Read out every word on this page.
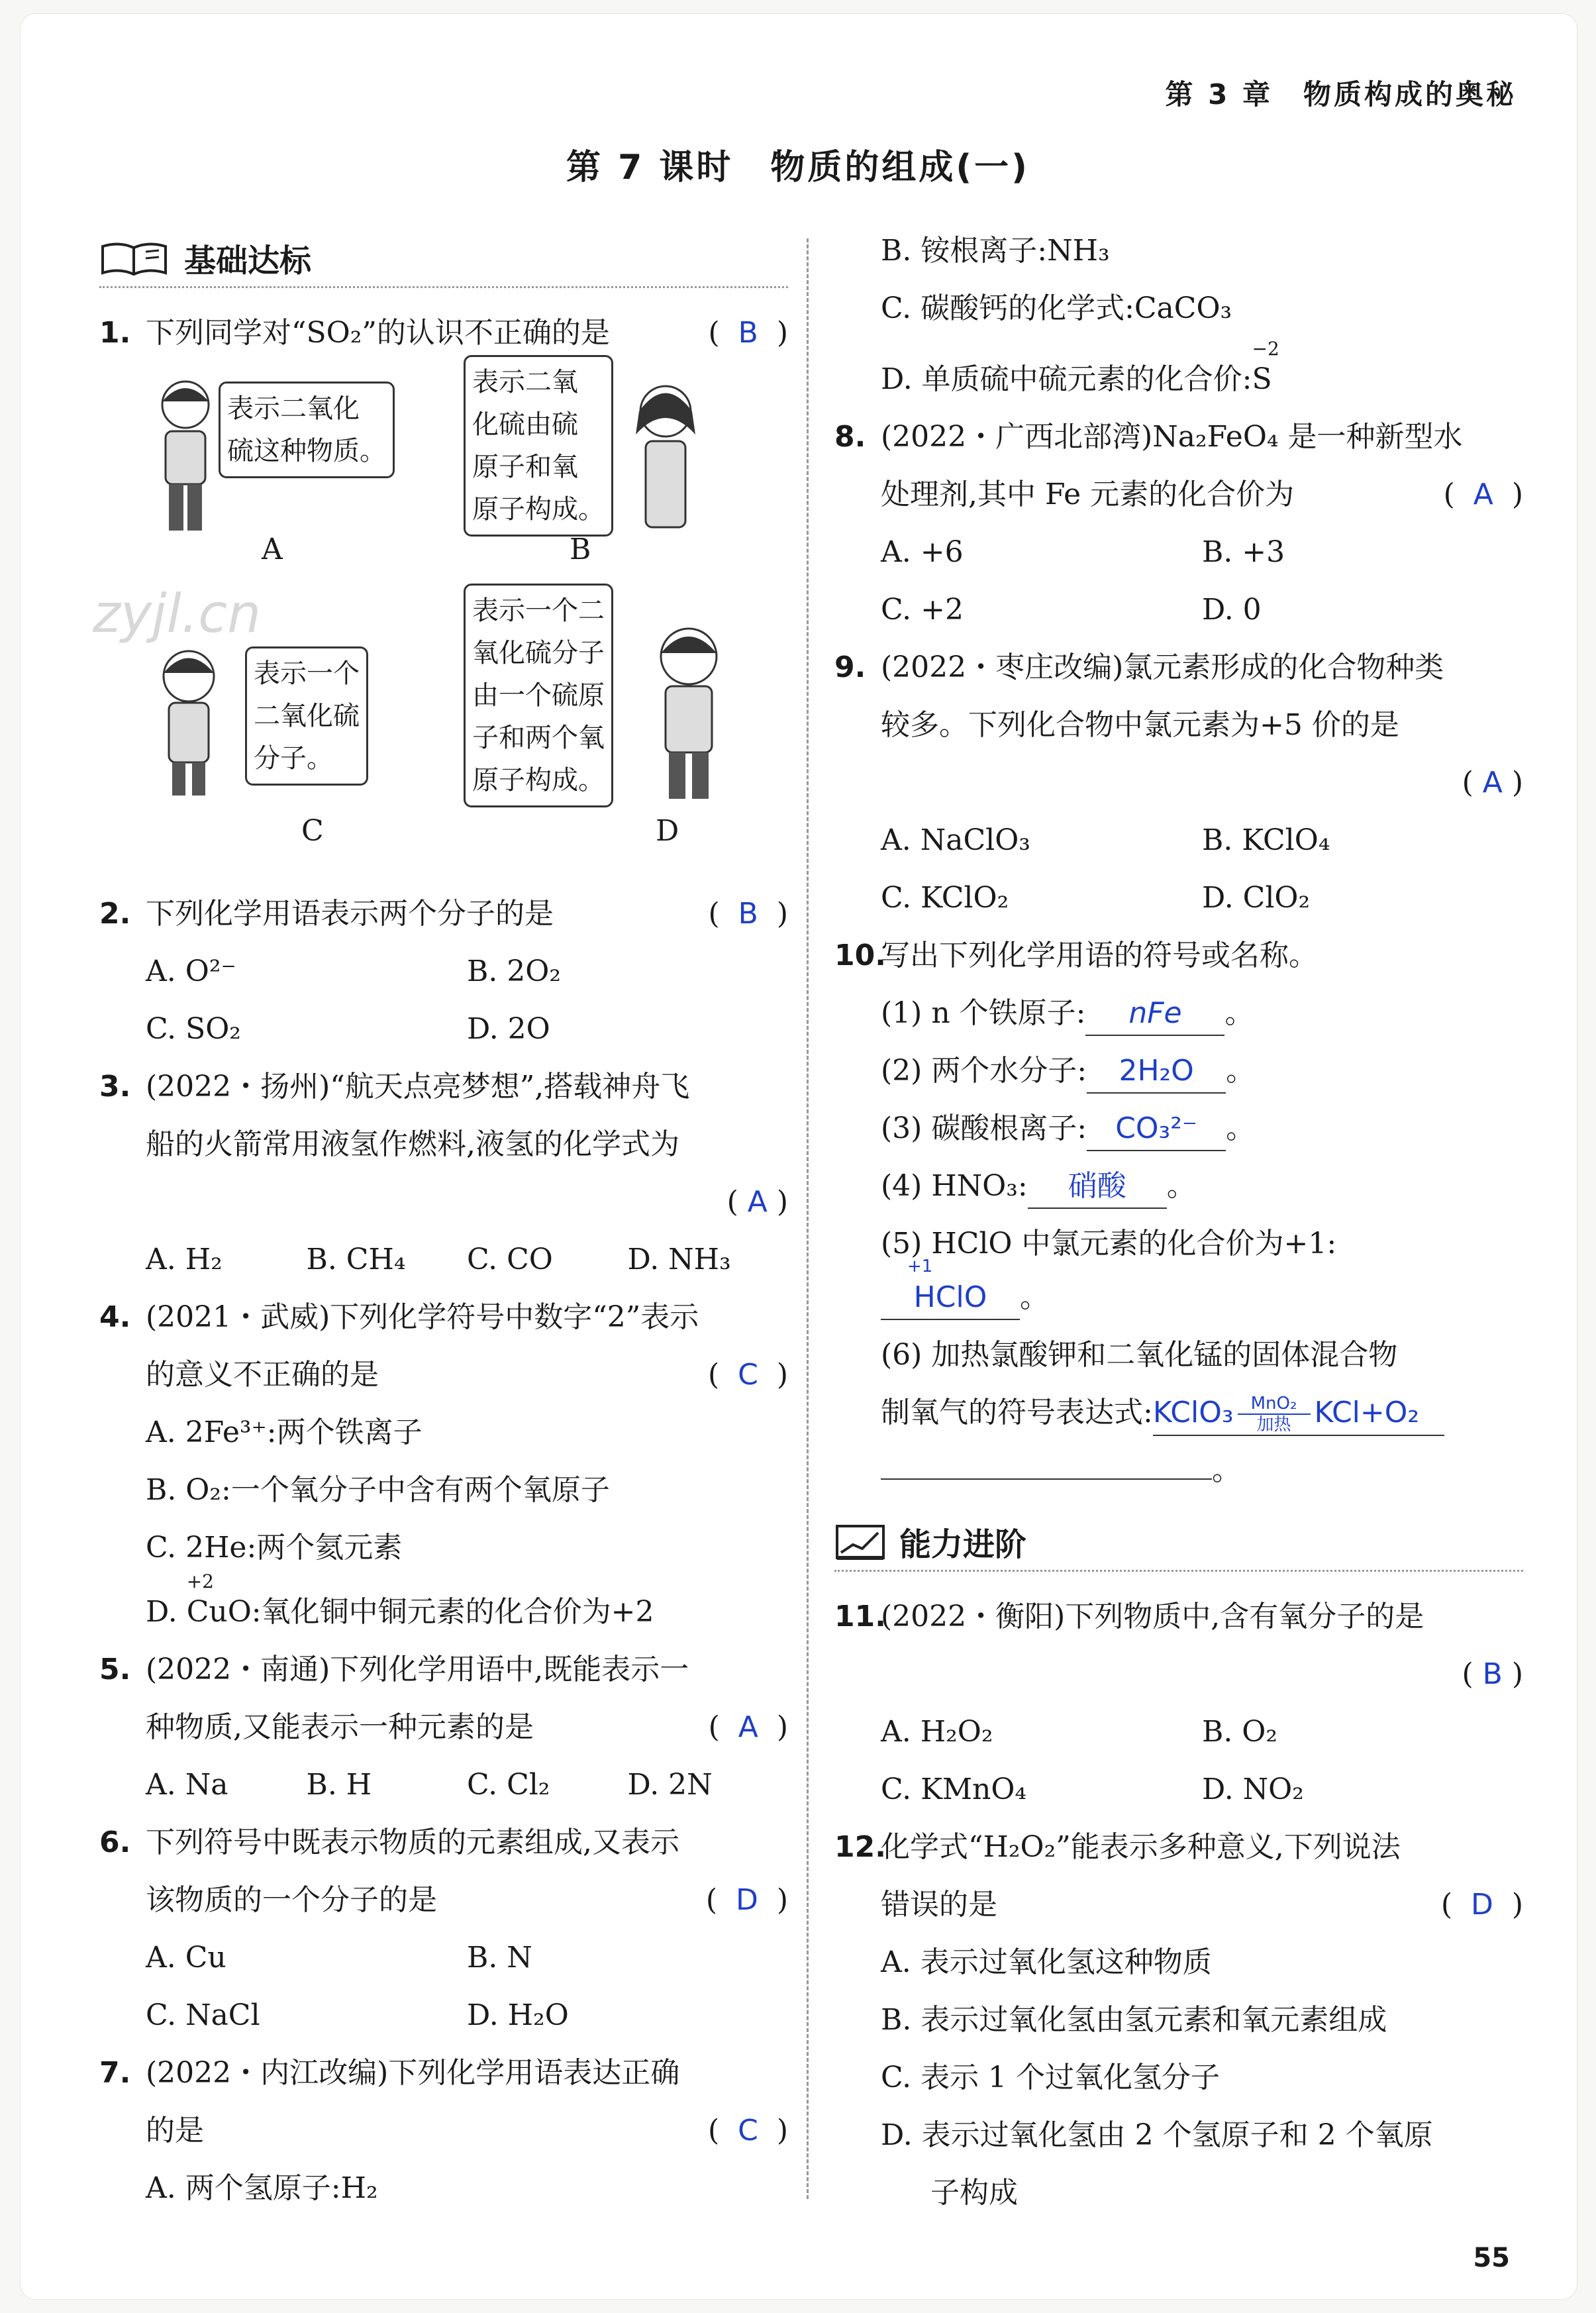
第 3 章　物质构成的奥秘
第 7 课时　物质的组成(一)
zyjl.cn
基础达标
1. 下列同学对“SO₂”的认识不正确的是	(  B  )
表示二氧化
硫这种物质。
A
表示二氧
化硫由硫
原子和氧
原子构成。
B
表示一个
二氧化硫
分子。
C
表示一个二
氧化硫分子
由一个硫原
子和两个氧
原子构成。
D
2. 下列化学用语表示两个分子的是	(  B  )
A. O²⁻	B. 2O₂
C. SO₂	D. 2O
3. (2022・扬州)“航天点亮梦想”,搭载神舟飞
船的火箭常用液氢作燃料,液氢的化学式为
( A )
A. H₂	B. CH₄	C. CO	D. NH₃
4. (2021・武威)下列化学符号中数字“2”表示
的意义不正确的是	(  C  )
A. 2Fe³⁺:两个铁离子
B. O₂:一个氧分子中含有两个氧原子
C. 2He:两个氦元素
D.
+2
CuO:氧化铜中铜元素的化合价为+2
5. (2022・南通)下列化学用语中,既能表示一
种物质,又能表示一种元素的是	(  A  )
A. Na	B. H	C. Cl₂	D. 2N
6. 下列符号中既表示物质的元素组成,又表示
该物质的一个分子的是	(  D  )
A. Cu	B. N
C. NaCl	D. H₂O
7. (2022・内江改编)下列化学用语表达正确
的是	(  C  )
A. 两个氢原子:H₂
B. 铵根离子:NH₃
C. 碳酸钙的化学式:CaCO₃
D. 单质硫中硫元素的化合价:
−2
S
8. (2022・广西北部湾)Na₂FeO₄ 是一种新型水
处理剂,其中 Fe 元素的化合价为	(  A  )
A. +6	B. +3
C. +2	D. 0
9. (2022・枣庄改编)氯元素形成的化合物种类
较多。下列化合物中氯元素为+5 价的是
( A )
A. NaClO₃	B. KClO₄
C. KClO₂	D. ClO₂
10.
写出下列化学用语的符号或名称。
(1) n 个铁原子: nFe 。
(2) 两个水分子: 2H₂O 。
(3) 碳酸根离子: CO₃²⁻ 。
(4) HNO₃: 硝酸 。
(5) HClO 中氯元素的化合价为+1:
+1
HClO 。
(6) 加热氯酸钾和二氧化锰的固体混合物
制氧气的符号表达式:KClO₃ MnO₂
加热 KCl+O₂
。
能力进阶
11.
(2022・衡阳)下列物质中,含有氧分子的是
( B )
A. H₂O₂	B. O₂
C. KMnO₄	D. NO₂
12.
化学式“H₂O₂”能表示多种意义,下列说法
错误的是	(  D  )
A. 表示过氧化氢这种物质
B. 表示过氧化氢由氢元素和氧元素组成
C. 表示 1 个过氧化氢分子
D. 表示过氧化氢由 2 个氢原子和 2 个氧原
子构成
55
